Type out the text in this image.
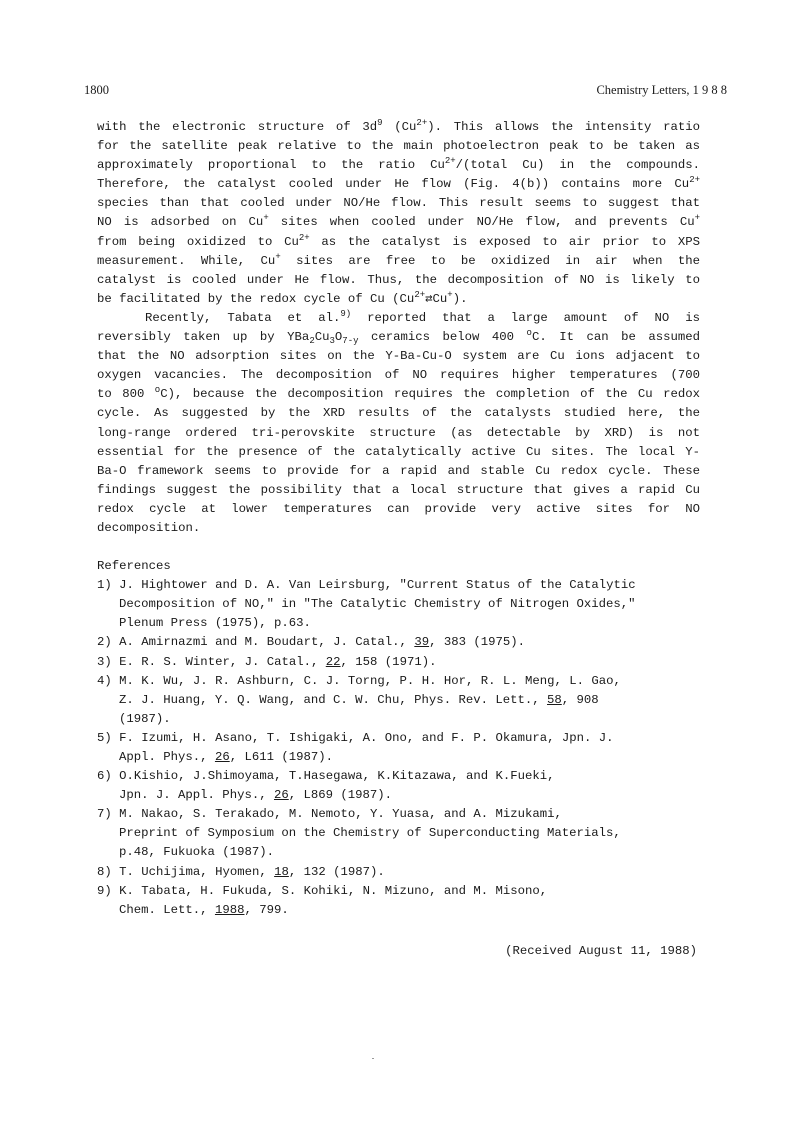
1800	Chemistry Letters, 1 9 8 8
with the electronic structure of $3d^9$ $(Cu^{2+})$. This allows the intensity ratio
for the satellite peak relative to the main photoelectron peak to be taken as
approximately proportional to the ratio $Cu^{2+}/(total$ Cu) in the compounds.
Therefore, the catalyst cooled under He flow (Fig. 4(b)) contains more $Cu^{2+}$
species than that cooled under NO/He flow. This result seems to suggest that
NO is adsorbed on Cu+ sites when cooled under NO/He flow, and prevents Cu+
from being oxidized to $Cu^{2+}$ as the catalyst is exposed to air prior to XPS
measurement. While, Cu+ sites are free to be oxidized in air when the
catalyst is cooled under He flow. Thus, the decomposition of NO is likely to
be facilitated by the redox cycle of Cu $(Cu^{2+}⇄Cu^+)$.
Recently, Tabata et al.$^{9)}$ reported that a large amount of NO is
reversibly taken up by $YBa_2Cu_3O_{7-y}$ ceramics below 400 $^o$C. It can be assumed
that the NO adsorption sites on the Y-Ba-Cu-O system are Cu ions adjacent to
oxygen vacancies. The decomposition of NO requires higher temperatures (700
to 800 $^o$C), because the decomposition requires the completion of the Cu redox
cycle. As suggested by the XRD results of the catalysts studied here, the
long-range ordered tri-perovskite structure (as detectable by XRD) is not
essential for the presence of the catalytically active Cu sites. The local Y-
Ba-O framework seems to provide for a rapid and stable Cu redox cycle. These
findings suggest the possibility that a local structure that gives a rapid Cu
redox cycle at lower temperatures can provide very active sites for NO
decomposition.
References
1) J. Hightower and D. A. Van Leirsburg, "Current Status of the Catalytic
Decomposition of NO," in "The Catalytic Chemistry of Nitrogen Oxides,"
Plenum Press (1975), p.63.
2) A. Amirnazmi and M. Boudart, J. Catal., 39, 383 (1975).
3) E. R. S. Winter, J. Catal., 22, 158 (1971).
4) M. K. Wu, J. R. Ashburn, C. J. Torng, P. H. Hor, R. L. Meng, L. Gao,
Z. J. Huang, Y. Q. Wang, and C. W. Chu, Phys. Rev. Lett., 58, 908
(1987).
5) F. Izumi, H. Asano, T. Ishigaki, A. Ono, and F. P. Okamura, Jpn. J.
Appl. Phys., 26, L611 (1987).
6) O.Kishio, J.Shimoyama, T.Hasegawa, K.Kitazawa, and K.Fueki,
Jpn. J. Appl. Phys., 26, L869 (1987).
7) M. Nakao, S. Terakado, M. Nemoto, Y. Yuasa, and A. Mizukami,
Preprint of Symposium on the Chemistry of Superconducting Materials,
p.48, Fukuoka (1987).
8) T. Uchijima, Hyomen, 18, 132 (1987).
9) K. Tabata, H. Fukuda, S. Kohiki, N. Mizuno, and M. Misono,
Chem. Lett., 1988, 799.
(Received August 11, 1988)
